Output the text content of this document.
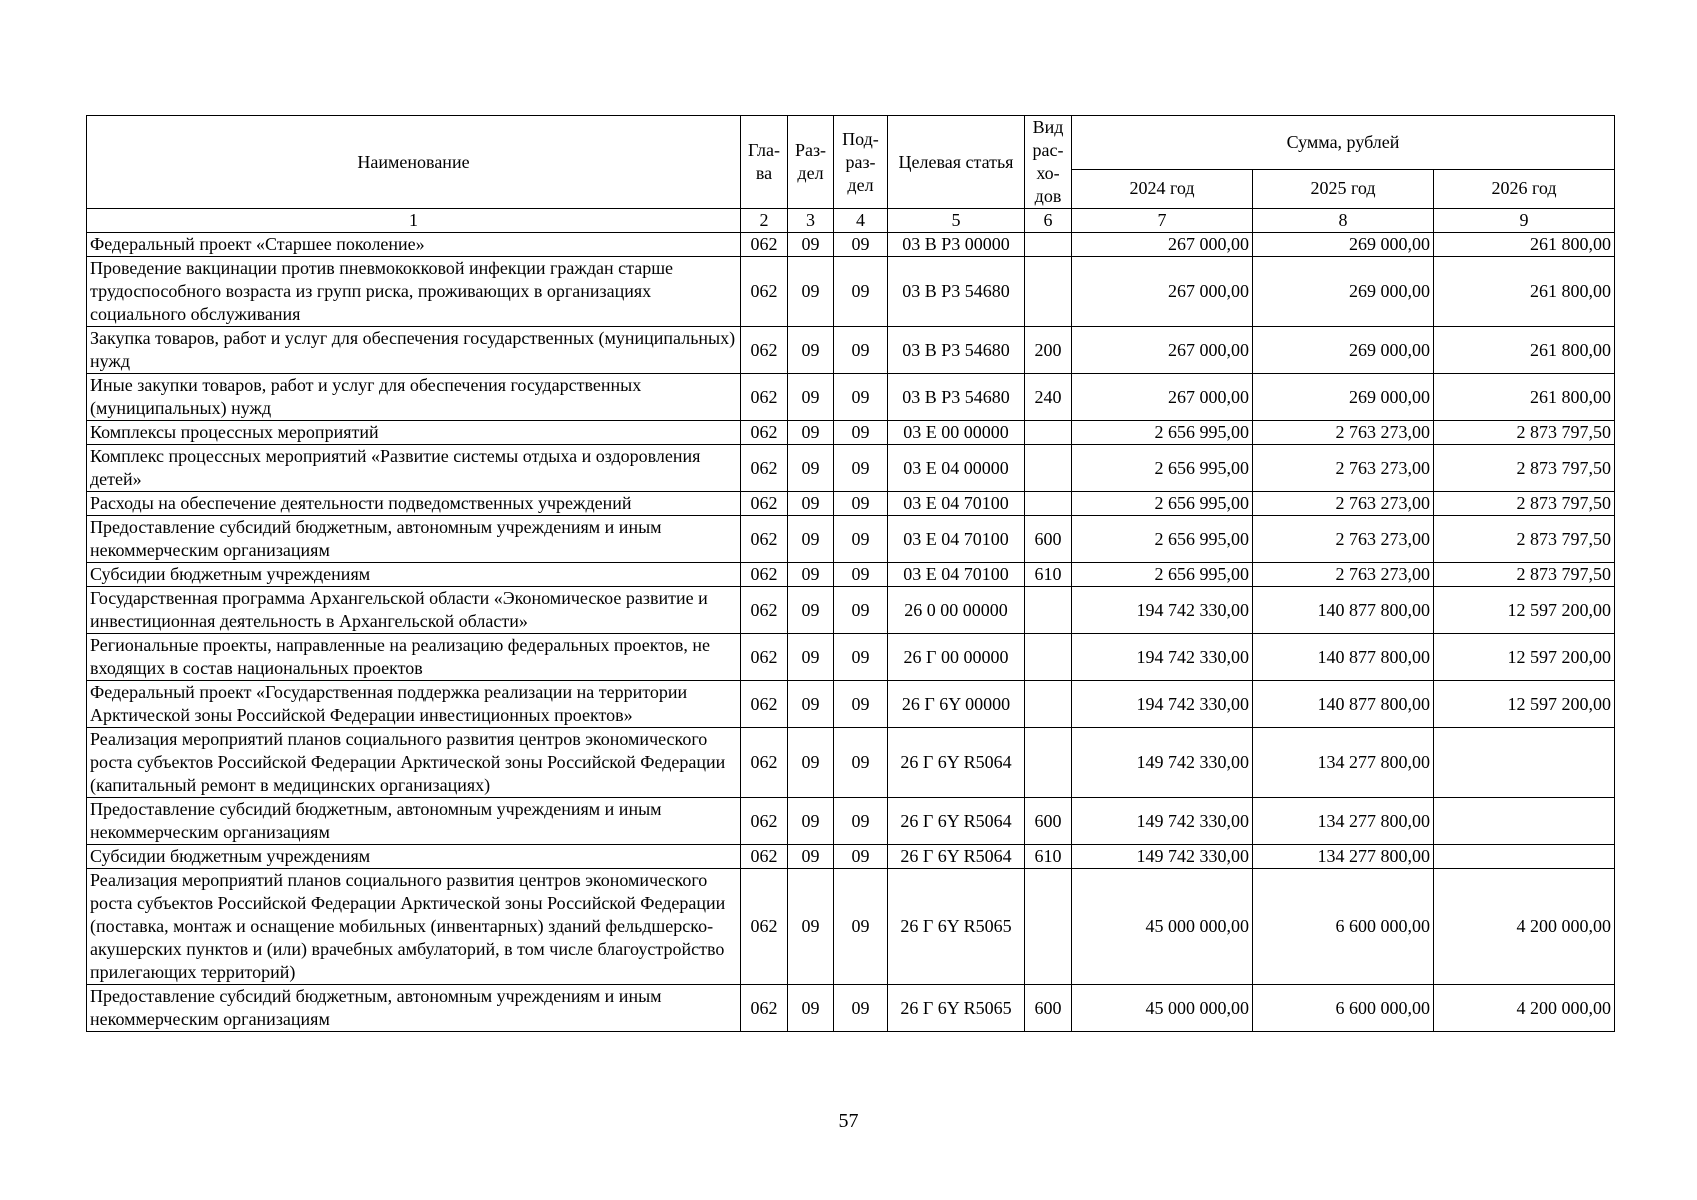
Наименование	Гла-ва	Раз-дел	Под-раз-дел	Целевая статья	Вид рас-хо-дов	Сумма, рублей		
						2024 год	2025 год	2026 год
1	2	3	4	5	6	7	8	9
Федеральный проект «Старшее поколение»	062	09	09	03 В Р3 00000		267 000,00	269 000,00	261 800,00
Проведение вакцинации против пневмококковой инфекции граждан старше трудоспособного возраста из групп риска, проживающих в организациях социального обслуживания	062	09	09	03 В Р3 54680		267 000,00	269 000,00	261 800,00
Закупка товаров, работ и услуг для обеспечения государственных (муниципальных) нужд	062	09	09	03 В Р3 54680	200	267 000,00	269 000,00	261 800,00
Иные закупки товаров, работ и услуг для обеспечения государственных (муниципальных) нужд	062	09	09	03 В Р3 54680	240	267 000,00	269 000,00	261 800,00
Комплексы процессных мероприятий	062	09	09	03 Е 00 00000		2 656 995,00	2 763 273,00	2 873 797,50
Комплекс процессных мероприятий «Развитие системы отдыха и оздоровления детей»	062	09	09	03 Е 04 00000		2 656 995,00	2 763 273,00	2 873 797,50
Расходы на обеспечение деятельности подведомственных учреждений	062	09	09	03 Е 04 70100		2 656 995,00	2 763 273,00	2 873 797,50
Предоставление субсидий бюджетным, автономным учреждениям и иным некоммерческим организациям	062	09	09	03 Е 04 70100	600	2 656 995,00	2 763 273,00	2 873 797,50
Субсидии бюджетным учреждениям	062	09	09	03 Е 04 70100	610	2 656 995,00	2 763 273,00	2 873 797,50
Государственная программа Архангельской области «Экономическое развитие и инвестиционная деятельность в Архангельской области»	062	09	09	26 0 00 00000		194 742 330,00	140 877 800,00	12 597 200,00
Региональные проекты, направленные на реализацию федеральных проектов, не входящих в состав национальных проектов	062	09	09	26 Г 00 00000		194 742 330,00	140 877 800,00	12 597 200,00
Федеральный проект «Государственная поддержка реализации на территории Арктической зоны Российской Федерации инвестиционных проектов»	062	09	09	26 Г 6Y 00000		194 742 330,00	140 877 800,00	12 597 200,00
Реализация мероприятий планов социального развития центров экономического роста субъектов Российской Федерации Арктической зоны Российской Федерации (капитальный ремонт в медицинских организациях)	062	09	09	26 Г 6Y R5064		149 742 330,00	134 277 800,00	
Предоставление субсидий бюджетным, автономным учреждениям и иным некоммерческим организациям	062	09	09	26 Г 6Y R5064	600	149 742 330,00	134 277 800,00	
Субсидии бюджетным учреждениям	062	09	09	26 Г 6Y R5064	610	149 742 330,00	134 277 800,00	
Реализация мероприятий планов социального развития центров экономического роста субъектов Российской Федерации Арктической зоны Российской Федерации (поставка, монтаж и оснащение мобильных (инвентарных) зданий фельдшерско-акушерских пунктов и (или) врачебных амбулаторий, в том числе благоустройство прилегающих территорий)	062	09	09	26 Г 6Y R5065		45 000 000,00	6 600 000,00	4 200 000,00
Предоставление субсидий бюджетным, автономным учреждениям и иным некоммерческим организациям	062	09	09	26 Г 6Y R5065	600	45 000 000,00	6 600 000,00	4 200 000,00
57
